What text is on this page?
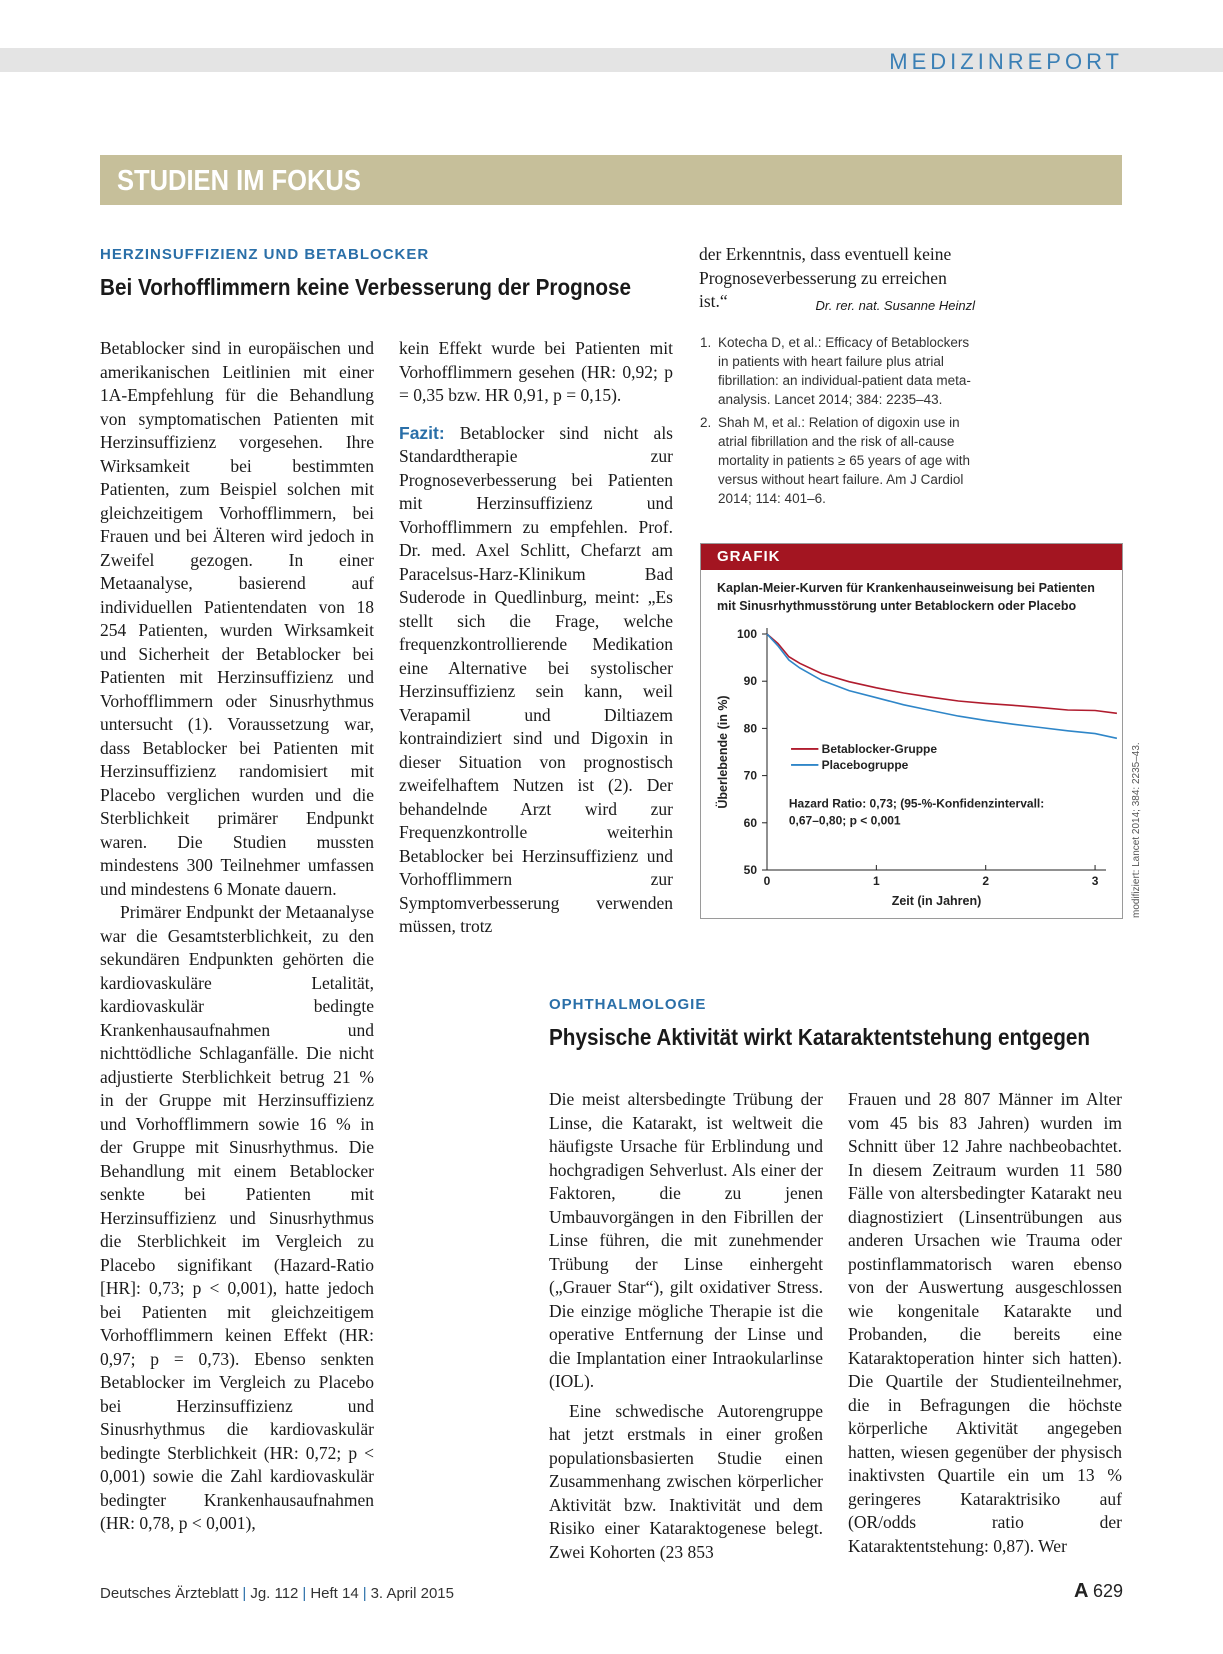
MEDIZINREPORT
STUDIEN IM FOKUS
HERZINSUFFIZIENZ UND BETABLOCKER
Bei Vorhofflimmern keine Verbesserung der Prognose

Betablocker sind in europäischen und amerikanischen Leitlinien mit einer 1A-Empfehlung für die Behandlung von symptomatischen Patienten mit Herzinsuffizienz vorgesehen. Ihre Wirksamkeit bei bestimmten Patienten, zum Beispiel solchen mit gleichzeitigem Vorhofflimmern, bei Frauen und bei Älteren wird jedoch in Zweifel gezogen. In einer Metaanalyse, basierend auf individuellen Patientendaten von 18 254 Patienten, wurden Wirksamkeit und Sicherheit der Betablocker bei Patienten mit Herzinsuffizienz und Vorhofflimmern oder Sinusrhythmus untersucht (1). Voraussetzung war, dass Betablocker bei Patienten mit Herzinsuffizienz randomisiert mit Placebo verglichen wurden und die Sterblichkeit primärer Endpunkt waren. Die Studien mussten mindestens 300 Teilnehmer umfassen und mindestens 6 Monate dauern.

Primärer Endpunkt der Metaanalyse war die Gesamtsterblichkeit, zu den sekundären Endpunkten gehörten die kardiovaskuläre Letalität, kardiovaskulär bedingte Krankenhausaufnahmen und nichttödliche Schlaganfälle. Die nicht adjustierte Sterblichkeit betrug 21 % in der Gruppe mit Herzinsuffizienz und Vorhofflimmern sowie 16 % in der Gruppe mit Sinusrhythmus. Die Behandlung mit einem Betablocker senkte bei Patienten mit Herzinsuffizienz und Sinusrhythmus die Sterblichkeit im Vergleich zu Placebo signifikant (Hazard-Ratio [HR]: 0,73; p < 0,001), hatte jedoch bei Patienten mit gleichzeitigem Vorhofflimmern keinen Effekt (HR: 0,97; p = 0,73). Ebenso senkten Betablocker im Vergleich zu Placebo bei Herzinsuffizienz und Sinusrhythmus die kardiovaskulär bedingte Sterblichkeit (HR: 0,72; p < 0,001) sowie die Zahl kardiovaskulär bedingter Krankenhausaufnahmen (HR: 0,78, p < 0,001),

kein Effekt wurde bei Patienten mit Vorhofflimmern gesehen (HR: 0,92; p = 0,35 bzw. HR 0,91, p = 0,15).

Fazit: Betablocker sind nicht als Standardtherapie zur Prognoseverbesserung bei Patienten mit Herzinsuffizienz und Vorhofflimmern zu empfehlen. Prof. Dr. med. Axel Schlitt, Chefarzt am Paracelsus-Harz-Klinikum Bad Suderode in Quedlinburg, meint: „Es stellt sich die Frage, welche frequenzkontrollierende Medikation eine Alternative bei systolischer Herzinsuffizienz sein kann, weil Verapamil und Diltiazem kontraindiziert sind und Digoxin in dieser Situation von prognostisch zweifelhaftem Nutzen ist (2). Der behandelnde Arzt wird zur Frequenzkontrolle weiterhin Betablocker bei Herzinsuffizienz und Vorhofflimmern zur Symptomverbesserung verwenden müssen, trotz

der Erkenntnis, dass eventuell keine Prognoseverbesserung zu erreichen ist.“	Dr. rer. nat. Susanne Heinzl
1. Kotecha D, et al.: Efficacy of Betablockers in patients with heart failure plus atrial fibrillation: an individual-patient data meta-analysis. Lancet 2014; 384: 2235–43.
2. Shah M, et al.: Relation of digoxin use in atrial fibrillation and the risk of all-cause mortality in patients ≥ 65 years of age with versus without heart failure. Am J Cardiol 2014; 114: 401–6.
GRAFIK
Kaplan-Meier-Kurven für Krankenhauseinweisung bei Patienten
mit Sinusrhythmusstörung unter Betablockern oder Placebo
50
60
70
80
90
100
0	1	2	3
Zeit (in Jahren)
Überlebende (in %)	Betablocker-Gruppe
Placebogruppe
Hazard Ratio: 0,73; (95-%-Konfidenzintervall:
0,67–0,80; p < 0,001	modifiziert: Lancet 2014; 384: 2235–43.
OPHTHALMOLOGIE
Physische Aktivität wirkt Kataraktentstehung entgegen

Die meist altersbedingte Trübung der Linse, die Katarakt, ist weltweit die häufigste Ursache für Erblindung und hochgradigen Sehverlust. Als einer der Faktoren, die zu jenen Umbauvorgängen in den Fibrillen der Linse führen, die mit zunehmender Trübung der Linse einhergeht („Grauer Star“), gilt oxidativer Stress. Die einzige mögliche Therapie ist die operative Entfernung der Linse und die Implantation einer Intraokularlinse (IOL).

Eine schwedische Autorengruppe hat jetzt erstmals in einer großen populationsbasierten Studie einen Zusammenhang zwischen körperlicher Aktivität bzw. Inaktivität und dem Risiko einer Kataraktogenese belegt. Zwei Kohorten (23 853

Frauen und 28 807 Männer im Alter vom 45 bis 83 Jahren) wurden im Schnitt über 12 Jahre nachbeobachtet. In diesem Zeitraum wurden 11 580 Fälle von altersbedingter Katarakt neu diagnostiziert (Linsentrübungen aus anderen Ursachen wie Trauma oder postinflammatorisch waren ebenso von der Auswertung ausgeschlossen wie kongenitale Katarakte und Probanden, die bereits eine Kataraktoperation hinter sich hatten). Die Quartile der Studienteilnehmer, die in Befragungen die höchste körperliche Aktivität angegeben hatten, wiesen gegenüber der physisch inaktivsten Quartile ein um 13 % geringeres Kataraktrisiko auf (OR/odds ratio der Kataraktentstehung: 0,87). Wer

Deutsches Ärzteblatt | Jg. 112 | Heft 14 | 3. April 2015	A 629
